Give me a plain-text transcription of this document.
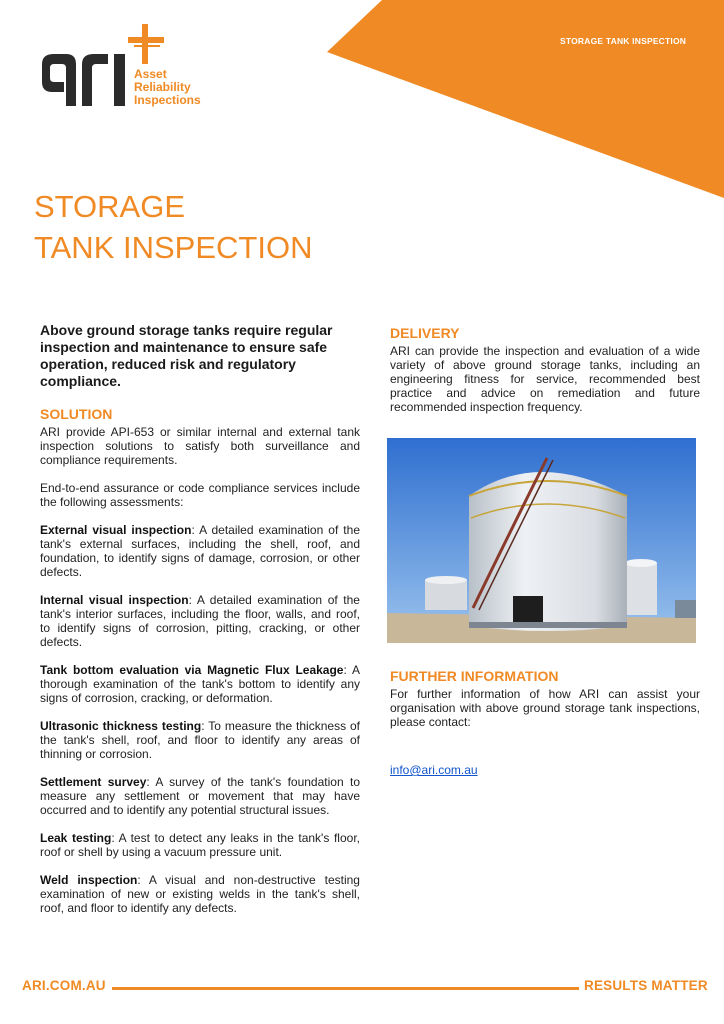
STORAGE TANK INSPECTION
Asset
Reliability
Inspections
STORAGE
TANK INSPECTION
Above ground storage tanks require regular inspection and maintenance to ensure safe operation, reduced risk and regulatory compliance.
SOLUTION
ARI provide API-653 or similar internal and external tank inspection solutions to satisfy both surveillance and compliance requirements.
End-to-end assurance or code compliance services include the following assessments:
External visual inspection: A detailed examination of the tank's external surfaces, including the shell, roof, and foundation, to identify signs of damage, corrosion, or other defects.
Internal visual inspection: A detailed examination of the tank's interior surfaces, including the floor, walls, and roof, to identify signs of corrosion, pitting, cracking, or other defects.
Tank bottom evaluation via Magnetic Flux Leakage: A thorough examination of the tank's bottom to identify any signs of corrosion, cracking, or deformation.
Ultrasonic thickness testing: To measure the thickness of the tank's shell, roof, and floor to identify any areas of thinning or corrosion.
Settlement survey: A survey of the tank's foundation to measure any settlement or movement that may have occurred and to identify any potential structural issues.
Leak testing: A test to detect any leaks in the tank's floor, roof or shell by using a vacuum pressure unit.
Weld inspection: A visual and non-destructive testing examination of new or existing welds in the tank's shell, roof, and floor to identify any defects.
DELIVERY
ARI can provide the inspection and evaluation of a wide variety of above ground storage tanks, including an engineering fitness for service, recommended best practice and advice on remediation and future recommended inspection frequency.
FURTHER INFORMATION
For further information of how ARI can assist your organisation with above ground storage tank inspections, please contact:
info@ari.com.au
ARI.COM.AU	RESULTS MATTER
